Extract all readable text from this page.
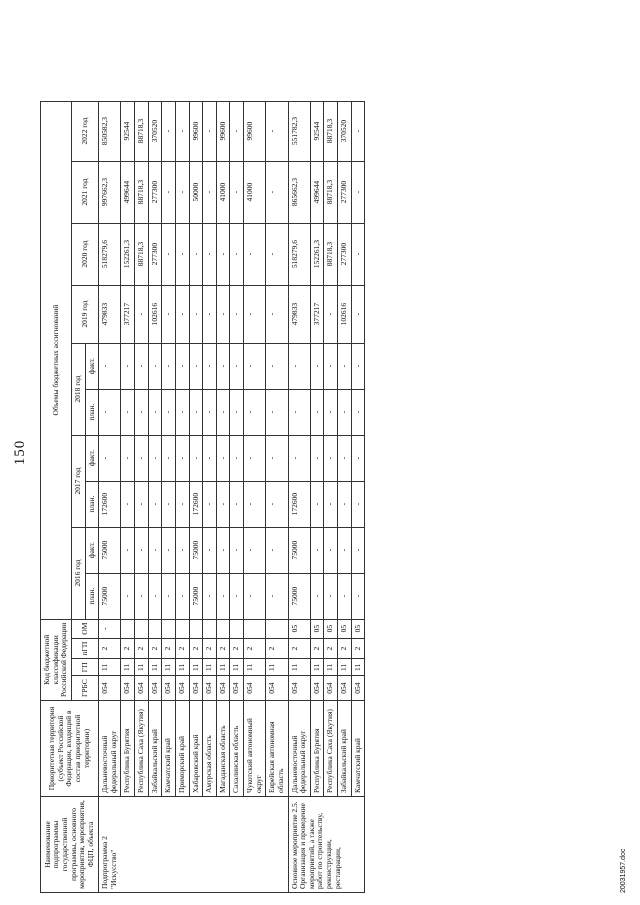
150
Наименование подпрограммы государственной программы, основного мероприятия, мероприятия, ФЦП, объекта	Приоритетная территория (субъект Российской Федерации, входящий в состав приоритетной территории)	Код бюджетной классификации Российской Федерации				Объемы бюджетных ассигнований									
		ГРБС	ГП	пГП	ОМ	2016 год		2017 год		2018 год		2019 год	2020 год	2021 год	2022 год
						план.	факт.	план.	факт.	план.	факт.				
Подпрограмма 2 "Искусство"	Дальневосточный федеральный округ	054	11	2	-	75000	75000	172600	-	-	-	479833	518279,6	997662,3	850582,3
	Республика Бурятия	054	11	2		-	-	-	-	-	-	377217	152261,3	499644	92544
	Республика Саха (Якутия)	054	11	2		-	-	-	-	-	-	-	88718,3	88718,3	88718,3
	Забайкальский край	054	11	2		-	-	-	-	-	-	102616	277300	277300	370520
	Камчатский край	054	11	2		-	-	-	-	-	-	-	-	-	-
	Приморский край	054	11	2		-	-	-	-	-	-	-	-	-	-
	Хабаровский край	054	11	2		75000	75000	172600	-	-	-	-	-	50000	99600
	Амурская область	054	11	2		-	-	-	-	-	-	-	-	-	-
	Магаданская область	054	11	2		-	-	-	-	-	-	-	-	41000	99600
	Сахалинская область	054	11	2		-	-	-	-	-	-	-	-	-	-
	Чукотский автономный округ	054	11	2		-	-	-	-	-	-	-	-	41000	99600
	Еврейская автономная область	054	11	2		-	-	-	-	-	-	-	-	-	-
Основное мероприятие 2.5. Организация и проведение мероприятий, а также работ по строительству, реконструкции, реставрации,	Дальневосточный федеральный округ	054	11	2	05	75000	75000	172600	-	-	-	479833	518279,6	865662,3	551782,3
	Республика Бурятия	054	11	2	05	-	-	-	-	-	-	377217	152261,3	499644	92544
	Республика Саха (Якутия)	054	11	2	05	-	-	-	-	-	-	-	88718,3	88718,3	88718,3
	Забайкальский край	054	11	2	05	-	-	-	-	-	-	102616	277300	277300	370520
	Камчатский край	054	11	2	05	-	-	-	-	-	-	-	-	-	-
20031957.doc
